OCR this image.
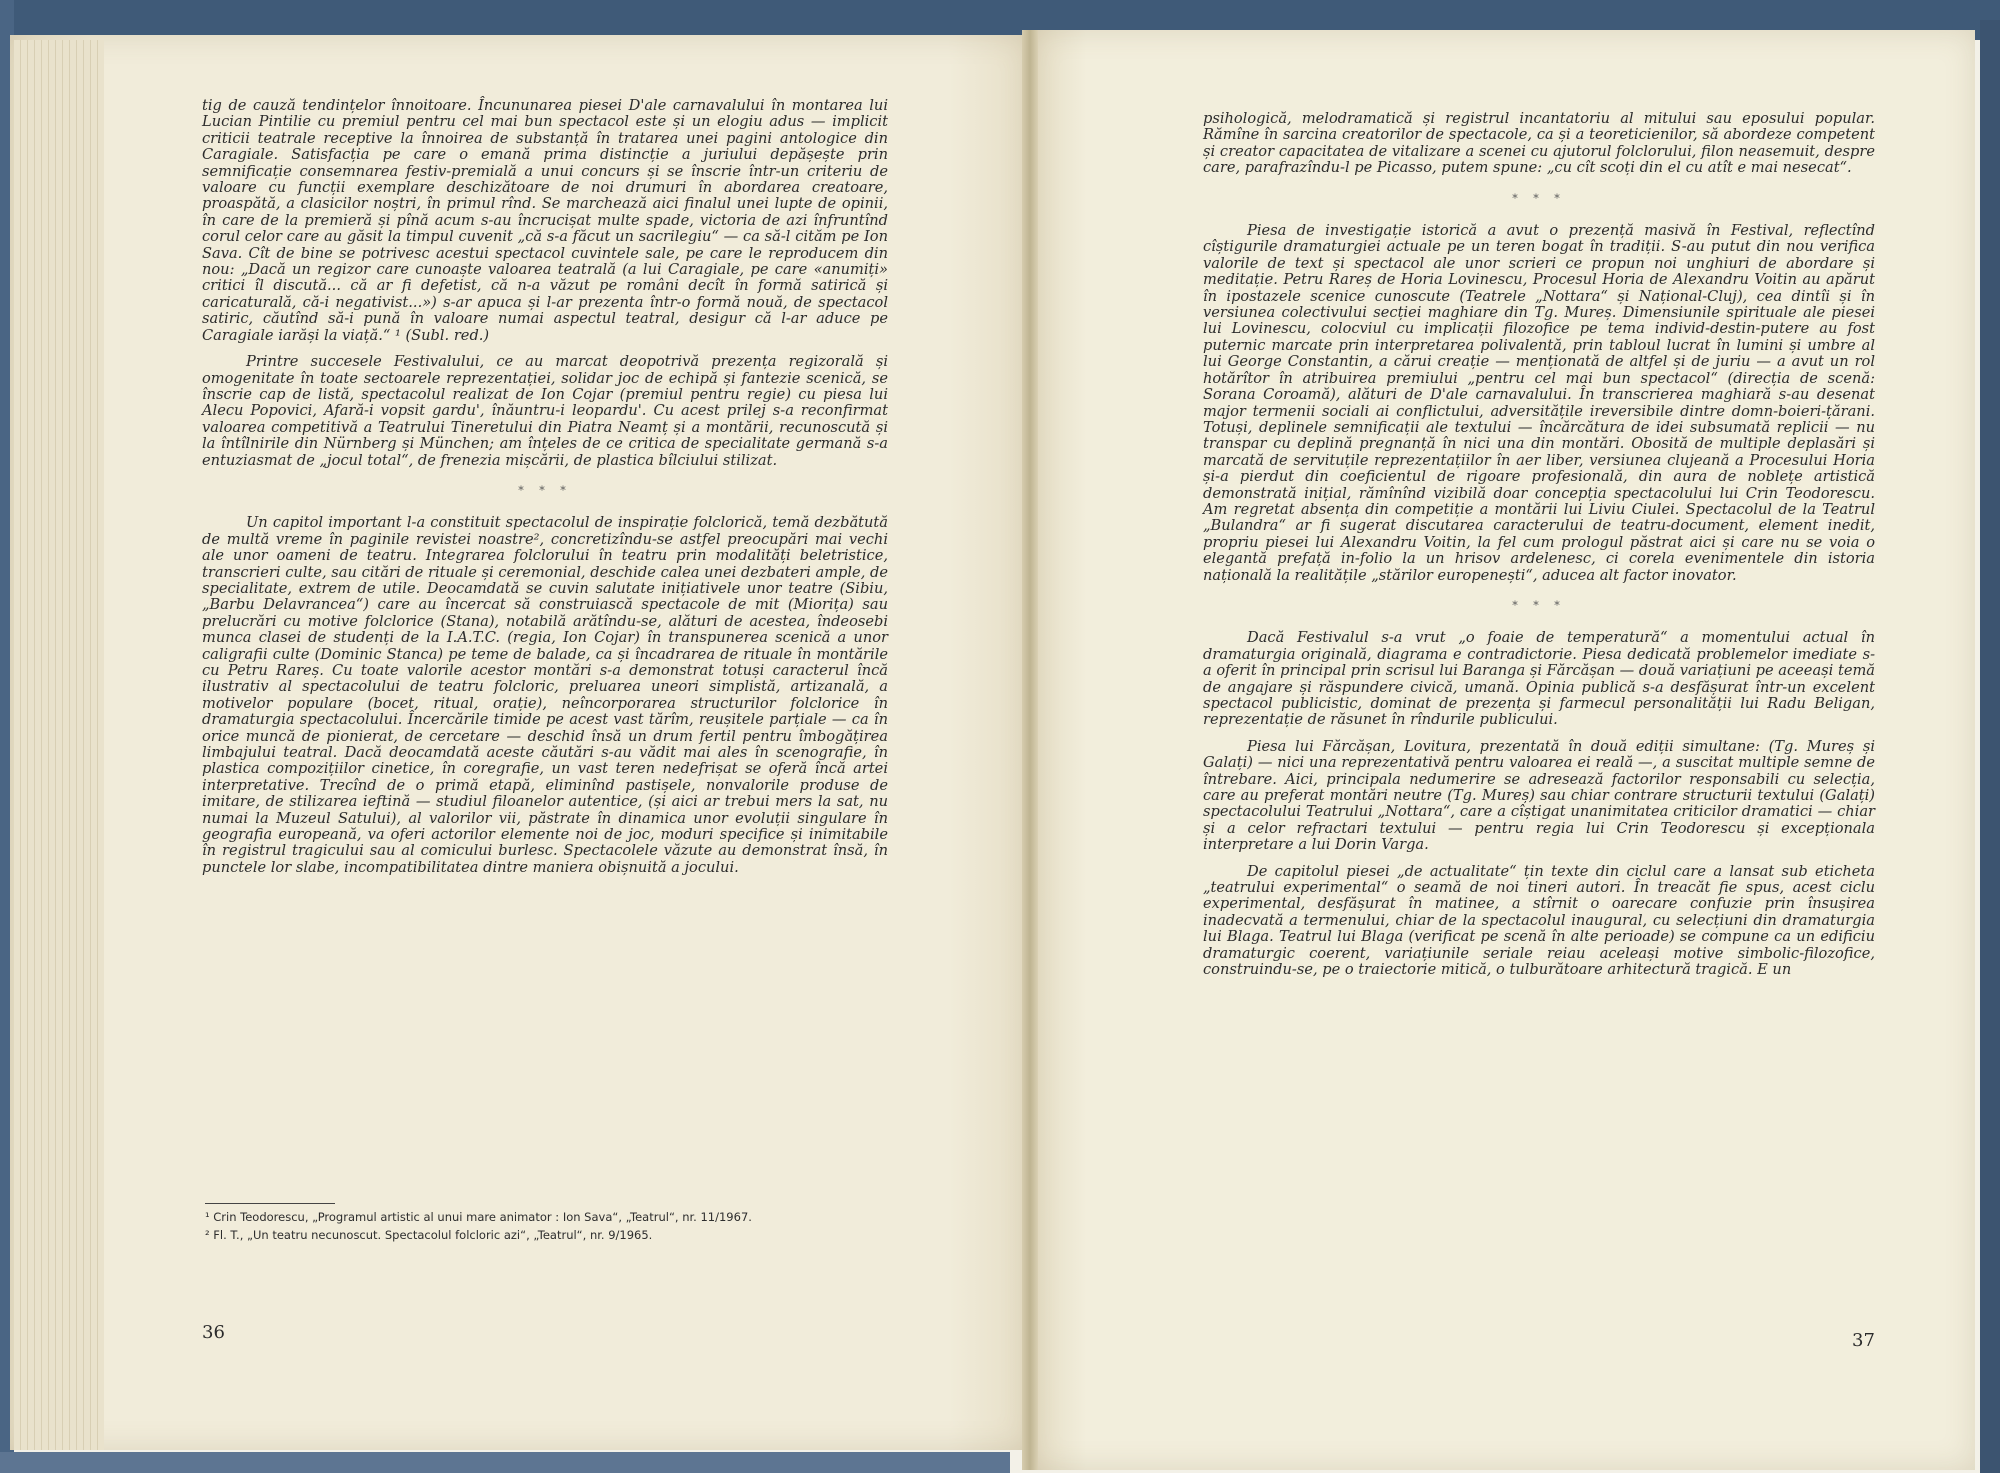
tig de cauză tendințelor înnoitoare. Încununarea piesei D'ale carnavalului în montarea lui Lucian Pintilie cu premiul pentru cel mai bun spectacol este și un elogiu adus — implicit criticii teatrale receptive la înnoirea de substanță în tratarea unei pagini antologice din Caragiale. Satisfacția pe care o emană prima distincție a juriului depășește prin semnificație consemnarea festiv-premială a unui concurs și se înscrie într-un criteriu de valoare cu funcții exemplare deschizătoare de noi drumuri în abordarea creatoare, proaspătă, a clasicilor noștri, în primul rînd. Se marchează aici finalul unei lupte de opinii, în care de la premieră și pînă acum s-au încrucișat multe spade, victoria de azi înfruntînd corul celor care au găsit la timpul cuvenit „că s-a făcut un sacrilegiu“ — ca să-l cităm pe Ion Sava. Cît de bine se potrivesc acestui spectacol cuvintele sale, pe care le reproducem din nou: „Dacă un regizor care cunoaște valoarea teatrală (a lui Caragiale, pe care «anumiți» critici îl discută... că ar fi defetist, că n-a văzut pe români decît în formă satirică și caricaturală, că-i negativist...») s-ar apuca și l-ar prezenta într-o formă nouă, de spectacol satiric, căutînd să-i pună în valoare numai aspectul teatral, desigur că l-ar aduce pe Caragiale iarăși la viață.“ ¹ (Subl. red.)

Printre succesele Festivalului, ce au marcat deopotrivă prezența regizorală și omogenitate în toate sectoarele reprezentației, solidar joc de echipă și fantezie scenică, se înscrie cap de listă, spectacolul realizat de Ion Cojar (premiul pentru regie) cu piesa lui Alecu Popovici, Afară-i vopsit gardu', înăuntru-i leopardu'. Cu acest prilej s-a reconfirmat valoarea competitivă a Teatrului Tineretului din Piatra Neamț și a montării, recunoscută și la întîlnirile din Nürnberg și München; am înțeles de ce critica de specialitate germană s-a entuziasmat de „jocul total“, de frenezia mișcării, de plastica bîlciului stilizat.

* * *

Un capitol important l-a constituit spectacolul de inspirație folclorică, temă dezbătută de multă vreme în paginile revistei noastre², concretizîndu-se astfel preocupări mai vechi ale unor oameni de teatru. Integrarea folclorului în teatru prin modalități beletristice, transcrieri culte, sau citări de rituale și ceremonial, deschide calea unei dezbateri ample, de specialitate, extrem de utile. Deocamdată se cuvin salutate inițiativele unor teatre (Sibiu, „Barbu Delavrancea“) care au încercat să construiască spectacole de mit (Miorița) sau prelucrări cu motive folclorice (Stana), notabilă arătîndu-se, alături de acestea, îndeosebi munca clasei de studenți de la I.A.T.C. (regia, Ion Cojar) în transpunerea scenică a unor caligrafii culte (Dominic Stanca) pe teme de balade, ca și încadrarea de rituale în montările cu Petru Rareș. Cu toate valorile acestor montări s-a demonstrat totuși caracterul încă ilustrativ al spectacolului de teatru folcloric, preluarea uneori simplistă, artizanală, a motivelor populare (bocet, ritual, orație), neîncorporarea structurilor folclorice în dramaturgia spectacolului. Încercările timide pe acest vast tărîm, reușitele parțiale — ca în orice muncă de pionierat, de cercetare — deschid însă un drum fertil pentru îmbogățirea limbajului teatral. Dacă deocamdată aceste căutări s-au vădit mai ales în scenografie, în plastica compozițiilor cinetice, în coregrafie, un vast teren nedefrișat se oferă încă artei interpretative. Trecînd de o primă etapă, eliminînd pastișele, nonvalorile produse de imitare, de stilizarea ieftină — studiul filoanelor autentice, (și aici ar trebui mers la sat, nu numai la Muzeul Satului), al valorilor vii, păstrate în dinamica unor evoluții singulare în geografia europeană, va oferi actorilor elemente noi de joc, moduri specifice și inimitabile în registrul tragicului sau al comicului burlesc. Spectacolele văzute au demonstrat însă, în punctele lor slabe, incompatibilitatea dintre maniera obișnuită a jocului.

¹ Crin Teodorescu, „Programul artistic al unui mare animator : Ion Sava“, „Teatrul“, nr. 11/1967.

² Fl. T., „Un teatru necunoscut. Spectacolul folcloric azi“, „Teatrul“, nr. 9/1965.

36

psihologică, melodramatică și registrul incantatoriu al mitului sau eposului popular. Rămîne în sarcina creatorilor de spectacole, ca și a teoreticienilor, să abordeze competent și creator capacitatea de vitalizare a scenei cu ajutorul folclorului, filon neasemuit, despre care, parafrazîndu-l pe Picasso, putem spune: „cu cît scoți din el cu atît e mai nesecat“.

* * *

Piesa de investigație istorică a avut o prezență masivă în Festival, reflectînd cîștigurile dramaturgiei actuale pe un teren bogat în tradiții. S-au putut din nou verifica valorile de text și spectacol ale unor scrieri ce propun noi unghiuri de abordare și meditație. Petru Rareș de Horia Lovinescu, Procesul Horia de Alexandru Voitin au apărut în ipostazele scenice cunoscute (Teatrele „Nottara“ și Național-Cluj), cea dintîi și în versiunea colectivului secției maghiare din Tg. Mureș. Dimensiunile spirituale ale piesei lui Lovinescu, colocviul cu implicații filozofice pe tema individ-destin-putere au fost puternic marcate prin interpretarea polivalentă, prin tabloul lucrat în lumini și umbre al lui George Constantin, a cărui creație — menționată de altfel și de juriu — a avut un rol hotărîtor în atribuirea premiului „pentru cel mai bun spectacol“ (direcția de scenă: Sorana Coroamă), alături de D'ale carnavalului. În transcrierea maghiară s-au desenat major termenii sociali ai conflictului, adversitățile ireversibile dintre domn-boieri-țărani. Totuși, deplinele semnificații ale textului — încărcătura de idei subsumată replicii — nu transpar cu deplină pregnanță în nici una din montări. Obosită de multiple deplasări și marcată de servituțile reprezentațiilor în aer liber, versiunea clujeană a Procesului Horia și-a pierdut din coeficientul de rigoare profesională, din aura de noblețe artistică demonstrată inițial, rămînînd vizibilă doar concepția spectacolului lui Crin Teodorescu. Am regretat absența din competiție a montării lui Liviu Ciulei. Spectacolul de la Teatrul „Bulandra“ ar fi sugerat discutarea caracterului de teatru-document, element inedit, propriu piesei lui Alexandru Voitin, la fel cum prologul păstrat aici și care nu se voia o elegantă prefață in-folio la un hrisov ardelenesc, ci corela evenimentele din istoria națională la realitățile „stărilor europenești“, aducea alt factor inovator.

* * *

Dacă Festivalul s-a vrut „o foaie de temperatură“ a momentului actual în dramaturgia originală, diagrama e contradictorie. Piesa dedicată problemelor imediate s-a oferit în principal prin scrisul lui Baranga și Fărcășan — două variațiuni pe aceeași temă de angajare și răspundere civică, umană. Opinia publică s-a desfășurat într-un excelent spectacol publicistic, dominat de prezența și farmecul personalității lui Radu Beligan, reprezentație de răsunet în rîndurile publicului.

Piesa lui Fărcășan, Lovitura, prezentată în două ediții simultane: (Tg. Mureș și Galați) — nici una reprezentativă pentru valoarea ei reală —, a suscitat multiple semne de întrebare. Aici, principala nedumerire se adresează factorilor responsabili cu selecția, care au preferat montări neutre (Tg. Mureș) sau chiar contrare structurii textului (Galați) spectacolului Teatrului „Nottara“, care a cîștigat unanimitatea criticilor dramatici — chiar și a celor refractari textului — pentru regia lui Crin Teodorescu și excepționala interpretare a lui Dorin Varga.

De capitolul piesei „de actualitate“ țin texte din ciclul care a lansat sub eticheta „teatrului experimental“ o seamă de noi tineri autori. În treacăt fie spus, acest ciclu experimental, desfășurat în matinee, a stîrnit o oarecare confuzie prin însușirea inadecvată a termenului, chiar de la spectacolul inaugural, cu selecțiuni din dramaturgia lui Blaga. Teatrul lui Blaga (verificat pe scenă în alte perioade) se compune ca un edificiu dramaturgic coerent, variațiunile seriale reiau aceleași motive simbolic-filozofice, construindu-se, pe o traiectorie mitică, o tulburătoare arhitectură tragică. E un

37
